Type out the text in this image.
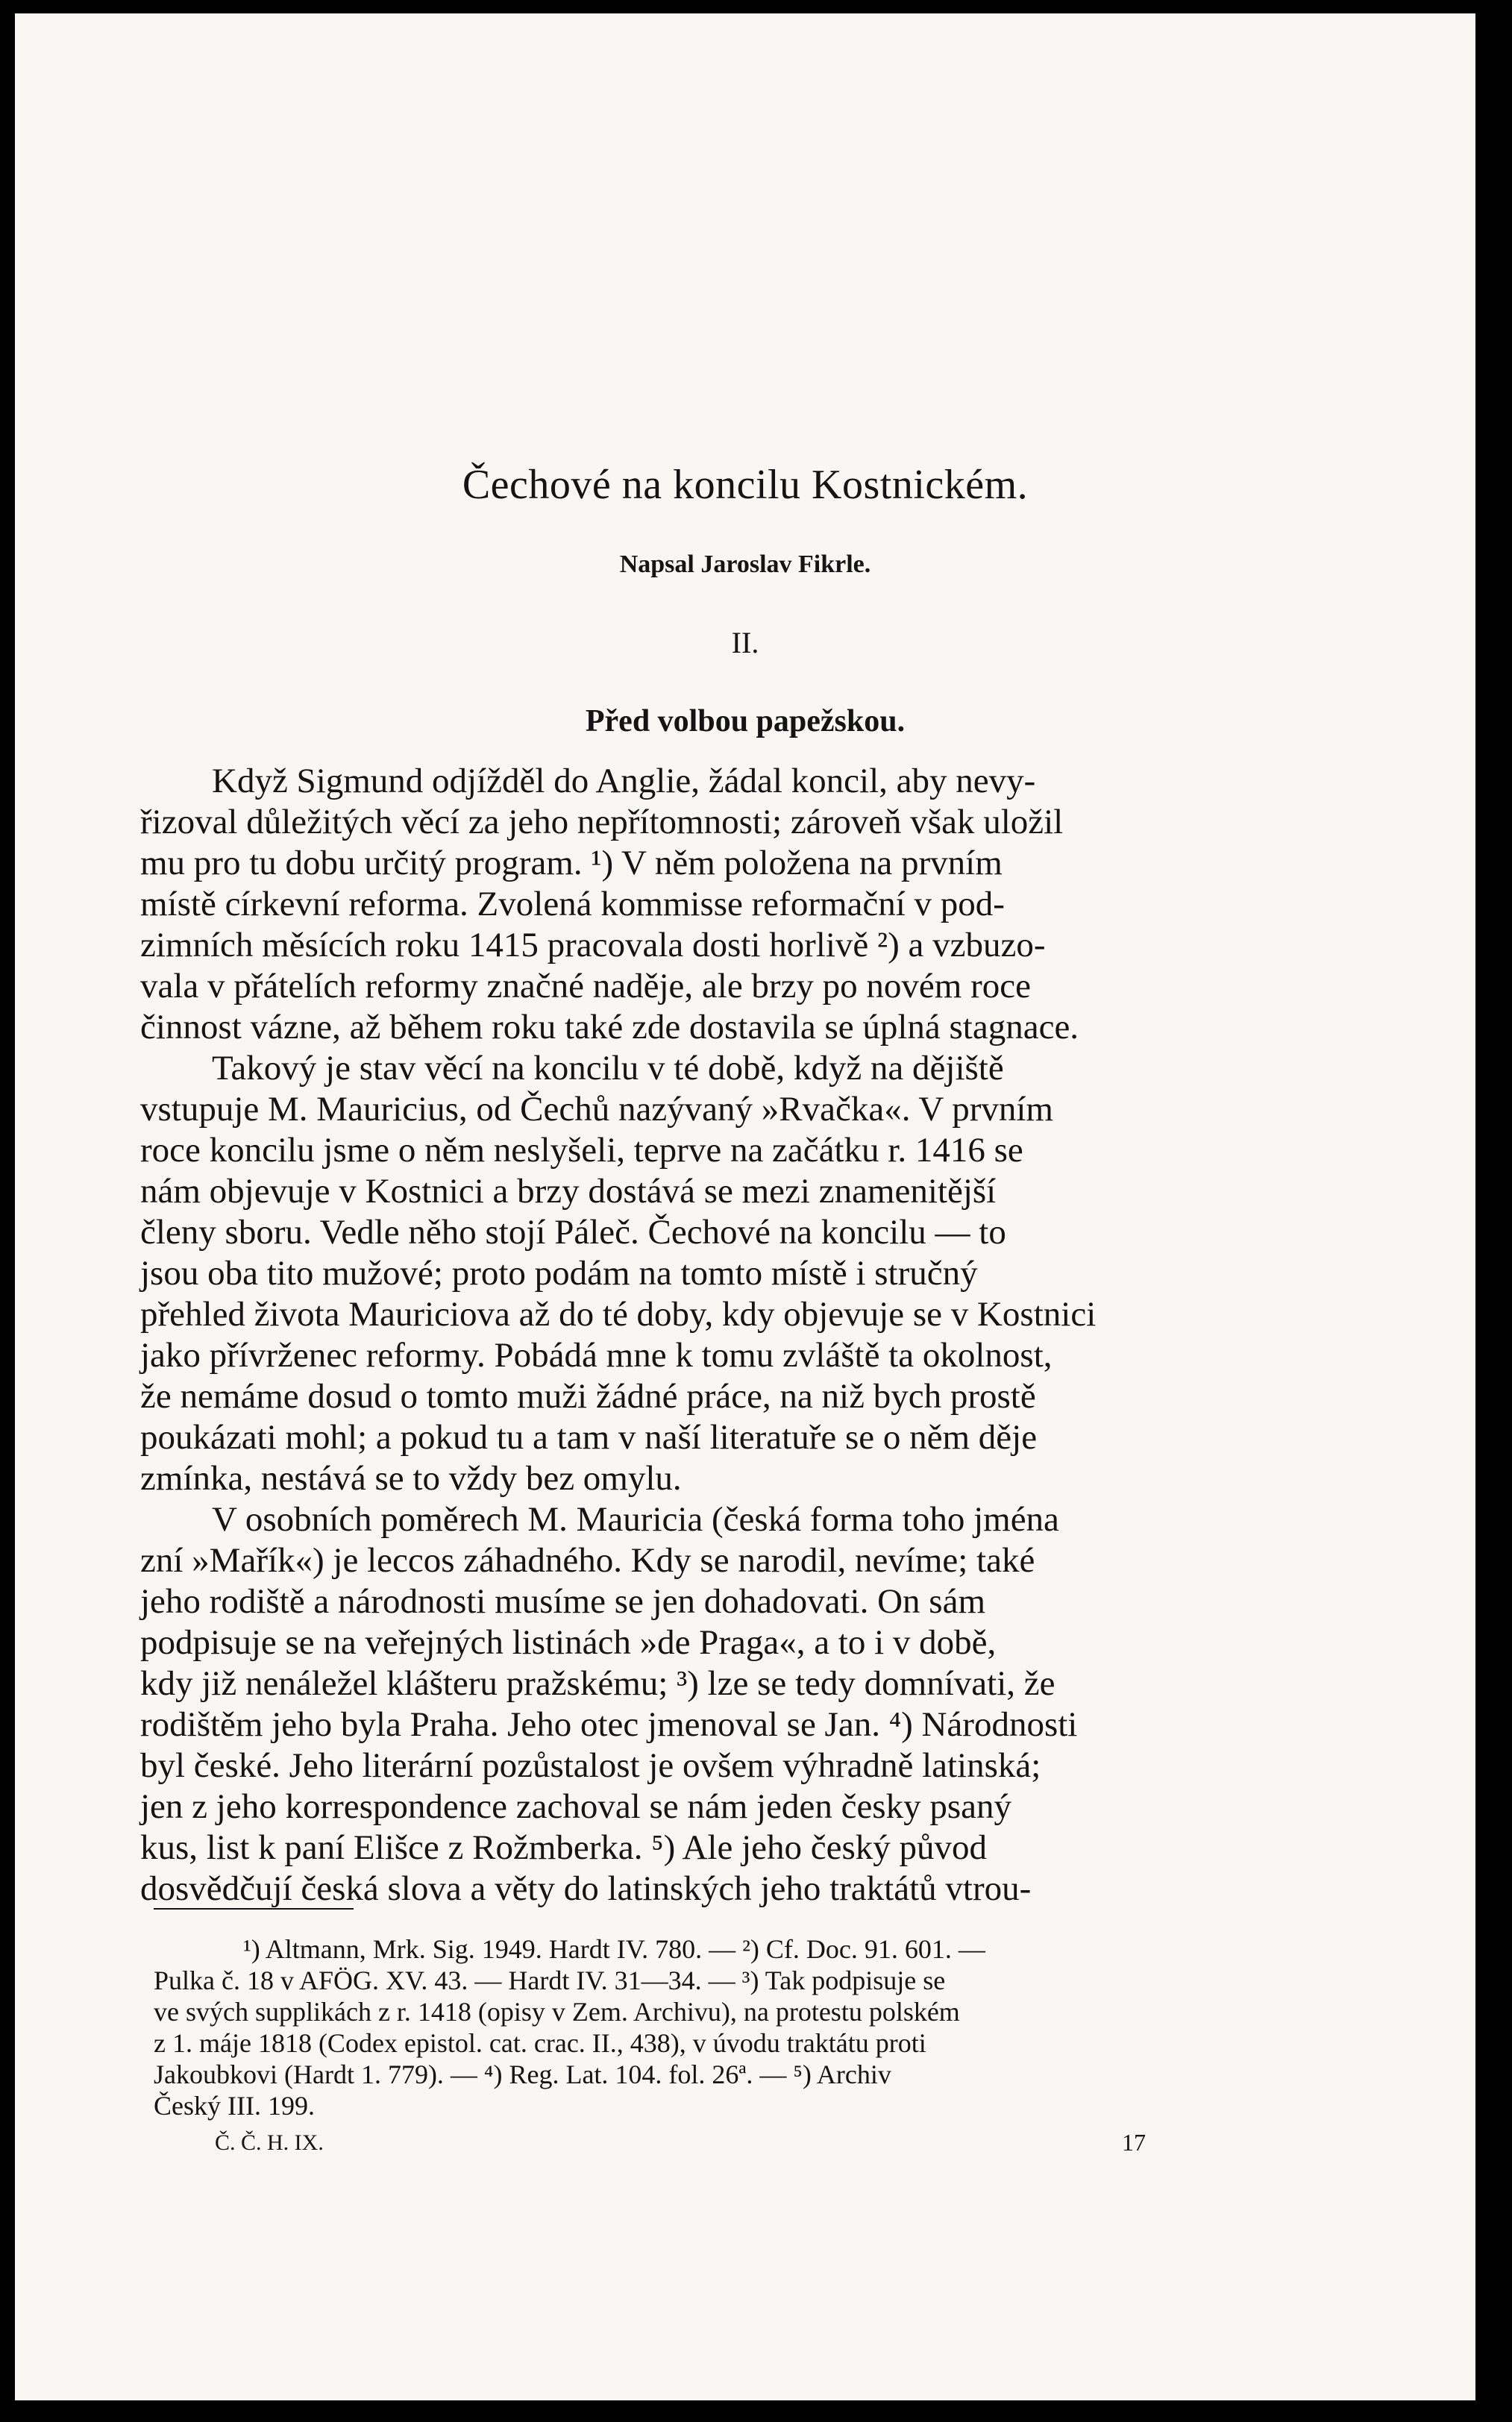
Čechové na koncilu Kostnickém.
Napsal Jaroslav Fikrle.
II.
Před volbou papežskou.
Když Sigmund odjížděl do Anglie, žádal koncil, aby nevy-
řizoval důležitých věcí za jeho nepřítomnosti; zároveň však uložil
mu pro tu dobu určitý program. ¹) V něm položena na prvním
místě církevní reforma. Zvolená kommisse reformační v pod-
zimních měsících roku 1415 pracovala dosti horlivě ²) a vzbuzo-
vala v přátelích reformy značné naděje, ale brzy po novém roce
činnost vázne, až během roku také zde dostavila se úplná stagnace.
Takový je stav věcí na koncilu v té době, když na dějiště
vstupuje M. Mauricius, od Čechů nazývaný »Rvačka«. V prvním
roce koncilu jsme o něm neslyšeli, teprve na začátku r. 1416 se
nám objevuje v Kostnici a brzy dostává se mezi znamenitější
členy sboru. Vedle něho stojí Páleč. Čechové na koncilu — to
jsou oba tito mužové; proto podám na tomto místě i stručný
přehled života Mauriciova až do té doby, kdy objevuje se v Kostnici
jako přívrženec reformy. Pobádá mne k tomu zvláště ta okolnost,
že nemáme dosud o tomto muži žádné práce, na niž bych prostě
poukázati mohl; a pokud tu a tam v naší literatuře se o něm děje
zmínka, nestává se to vždy bez omylu.
V osobních poměrech M. Mauricia (česká forma toho jména
zní »Mařík«) je leccos záhadného. Kdy se narodil, nevíme; také
jeho rodiště a národnosti musíme se jen dohadovati. On sám
podpisuje se na veřejných listinách »de Praga«, a to i v době,
kdy již nenáležel klášteru pražskému; ³) lze se tedy domnívati, že
rodištěm jeho byla Praha. Jeho otec jmenoval se Jan. ⁴) Národnosti
byl české. Jeho literární pozůstalost je ovšem výhradně latinská;
jen z jeho korrespondence zachoval se nám jeden česky psaný
kus, list k paní Elišce z Rožmberka. ⁵) Ale jeho český původ
dosvědčují česká slova a věty do latinských jeho traktátů vtrou-
¹) Altmann, Mrk. Sig. 1949. Hardt IV. 780. — ²) Cf. Doc. 91. 601. —
Pulka č. 18 v AFÖG. XV. 43. — Hardt IV. 31—34. — ³) Tak podpisuje se
ve svých supplikách z r. 1418 (opisy v Zem. Archivu), na protestu polském
z 1. máje 1818 (Codex epistol. cat. crac. II., 438), v úvodu traktátu proti
Jakoubkovi (Hardt 1. 779). — ⁴) Reg. Lat. 104. fol. 26ª. — ⁵) Archiv
Český III. 199.
Č. Č. H. IX.	17
